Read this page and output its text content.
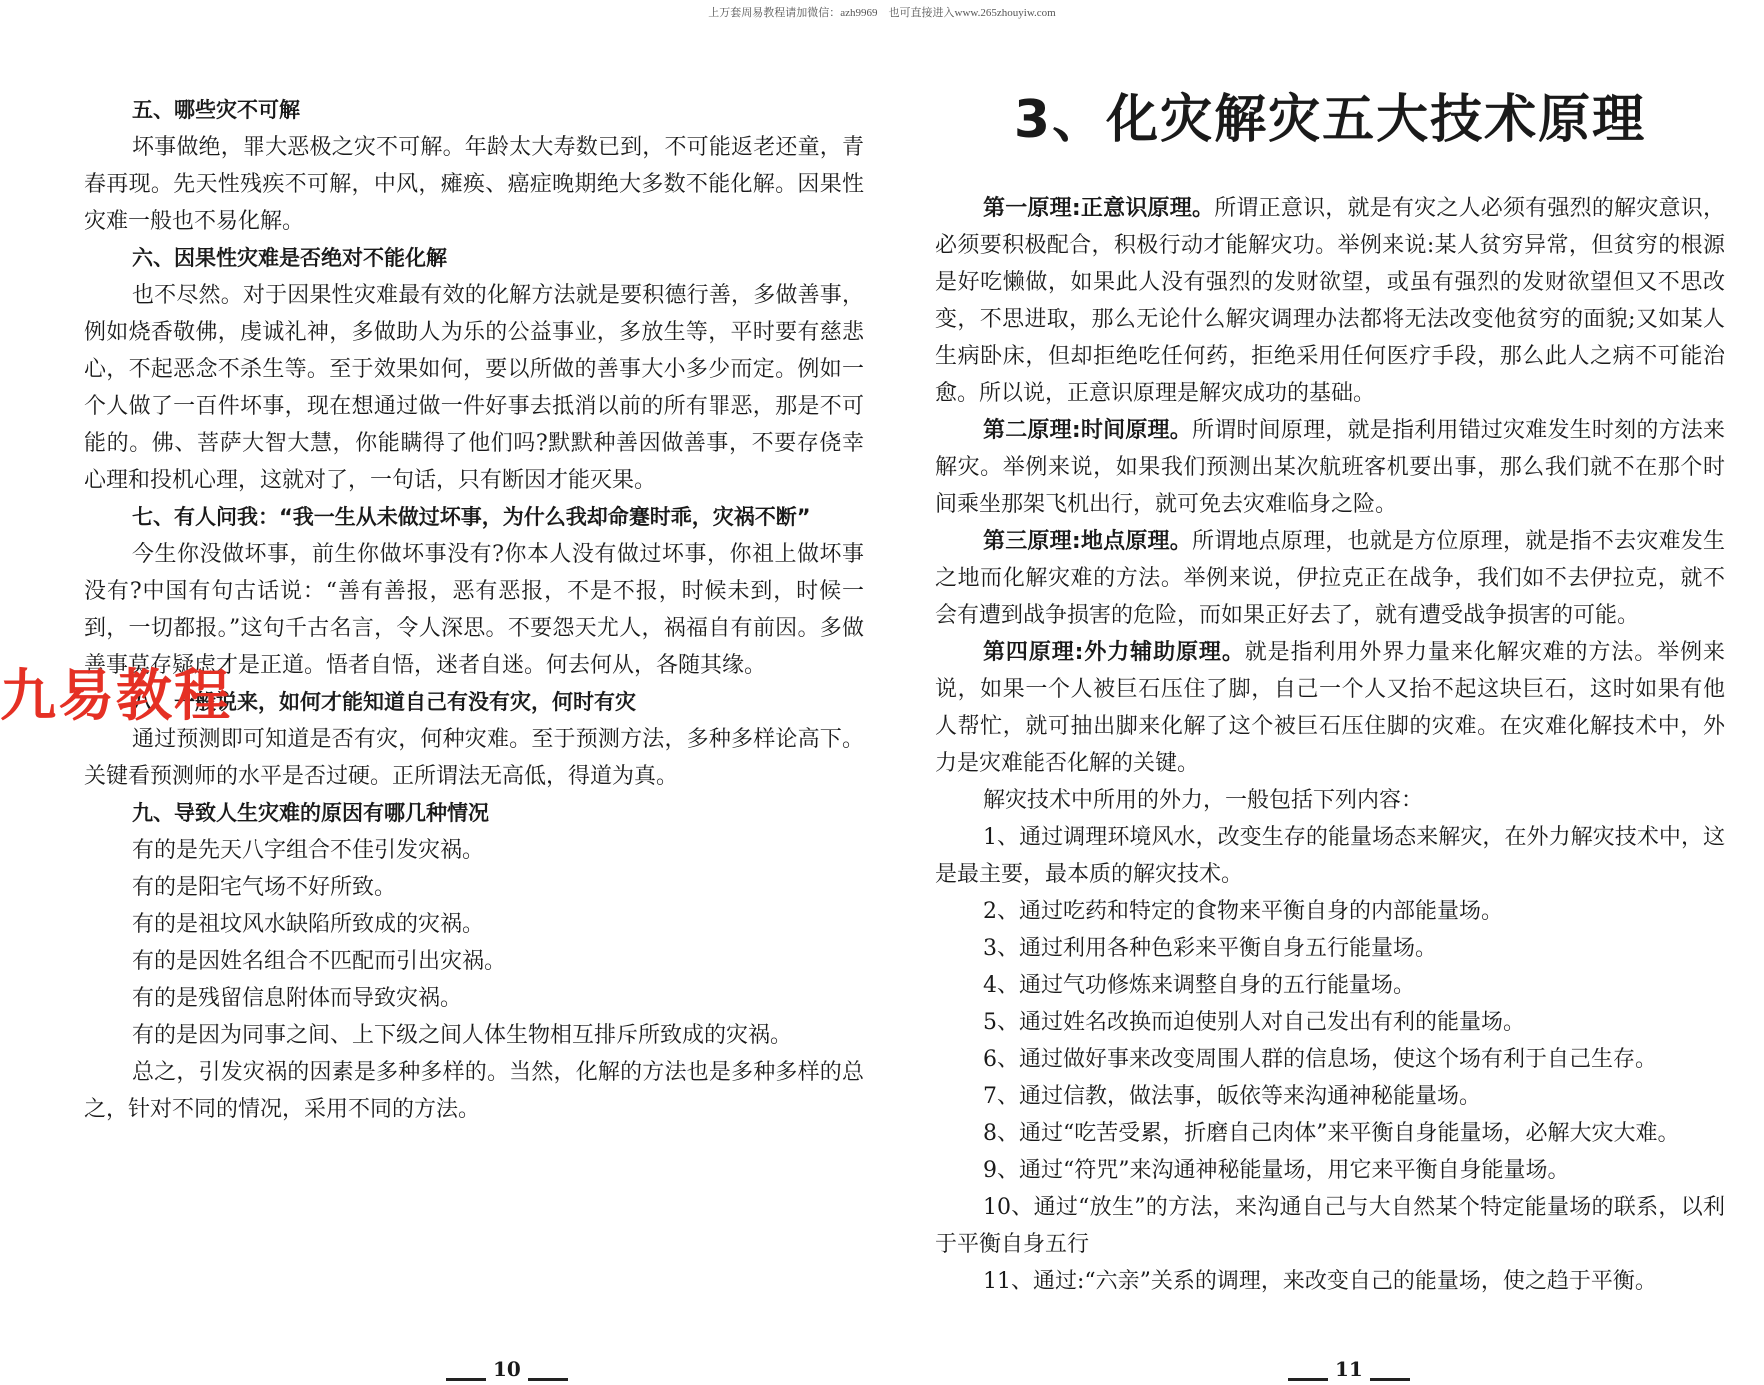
上万套周易教程请加微信：azh9969　也可直接进入www.265zhouyiw.com

五、哪些灾不可解

坏事做绝，罪大恶极之灾不可解。年龄太大寿数已到，不可能返老还童，青春再现。先天性残疾不可解，中风，瘫痪、癌症晚期绝大多数不能化解。因果性灾难一般也不易化解。

六、因果性灾难是否绝对不能化解

也不尽然。对于因果性灾难最有效的化解方法就是要积德行善，多做善事，例如烧香敬佛，虔诚礼神，多做助人为乐的公益事业，多放生等，平时要有慈悲心，不起恶念不杀生等。至于效果如何，要以所做的善事大小多少而定。例如一个人做了一百件坏事，现在想通过做一件好事去抵消以前的所有罪恶，那是不可能的。佛、菩萨大智大慧，你能瞒得了他们吗?默默种善因做善事，不要存侥幸心理和投机心理，这就对了，一句话，只有断因才能灭果。

七、有人问我：“我一生从未做过坏事，为什么我却命蹇时乖，灾祸不断”

今生你没做坏事，前生你做坏事没有?你本人没有做过坏事，你祖上做坏事没有?中国有句古话说：“善有善报，恶有恶报，不是不报，时候未到，时候一到，一切都报。”这句千古名言，令人深思。不要怨天尤人，祸福自有前因。多做善事莫存疑虑才是正道。悟者自悟，迷者自迷。何去何从，各随其缘。

八、一般说来，如何才能知道自己有没有灾，何时有灾

通过预测即可知道是否有灾，何种灾难。至于预测方法，多种多样论高下。关键看预测师的水平是否过硬。正所谓法无高低，得道为真。

九、导致人生灾难的原因有哪几种情况

有的是先天八字组合不佳引发灾祸。

有的是阳宅气场不好所致。

有的是祖坟风水缺陷所致成的灾祸。

有的是因姓名组合不匹配而引出灾祸。

有的是残留信息附体而导致灾祸。

有的是因为同事之间、上下级之间人体生物相互排斥所致成的灾祸。

总之，引发灾祸的因素是多种多样的。当然，化解的方法也是多种多样的总之，针对不同的情况，采用不同的方法。

九易教程
10

3、化灾解灾五大技术原理

第一原理:正意识原理。所谓正意识，就是有灾之人必须有强烈的解灾意识，必须要积极配合，积极行动才能解灾功。举例来说:某人贫穷异常，但贫穷的根源是好吃懒做，如果此人没有强烈的发财欲望，或虽有强烈的发财欲望但又不思改变，不思进取，那么无论什么解灾调理办法都将无法改变他贫穷的面貌;又如某人生病卧床，但却拒绝吃任何药，拒绝采用任何医疗手段，那么此人之病不可能治愈。所以说，正意识原理是解灾成功的基础。

第二原理:时间原理。所谓时间原理，就是指利用错过灾难发生时刻的方法来解灾。举例来说，如果我们预测出某次航班客机要出事，那么我们就不在那个时间乘坐那架飞机出行，就可免去灾难临身之险。

第三原理:地点原理。所谓地点原理，也就是方位原理，就是指不去灾难发生之地而化解灾难的方法。举例来说，伊拉克正在战争，我们如不去伊拉克，就不会有遭到战争损害的危险，而如果正好去了，就有遭受战争损害的可能。

第四原理:外力辅助原理。就是指利用外界力量来化解灾难的方法。举例来说，如果一个人被巨石压住了脚，自己一个人又抬不起这块巨石，这时如果有他人帮忙，就可抽出脚来化解了这个被巨石压住脚的灾难。在灾难化解技术中，外力是灾难能否化解的关键。

解灾技术中所用的外力，一般包括下列内容：

1、通过调理环境风水，改变生存的能量场态来解灾，在外力解灾技术中，这是最主要，最本质的解灾技术。

2、通过吃药和特定的食物来平衡自身的内部能量场。

3、通过利用各种色彩来平衡自身五行能量场。

4、通过气功修炼来调整自身的五行能量场。

5、通过姓名改换而迫使别人对自己发出有利的能量场。

6、通过做好事来改变周围人群的信息场，使这个场有利于自己生存。

7、通过信教，做法事，皈依等来沟通神秘能量场。

8、通过“吃苦受累，折磨自己肉体”来平衡自身能量场，必解大灾大难。

9、通过“符咒”来沟通神秘能量场，用它来平衡自身能量场。

10、通过“放生”的方法，来沟通自己与大自然某个特定能量场的联系，以利于平衡自身五行

11、通过:“六亲”关系的调理，来改变自己的能量场，使之趋于平衡。

11
